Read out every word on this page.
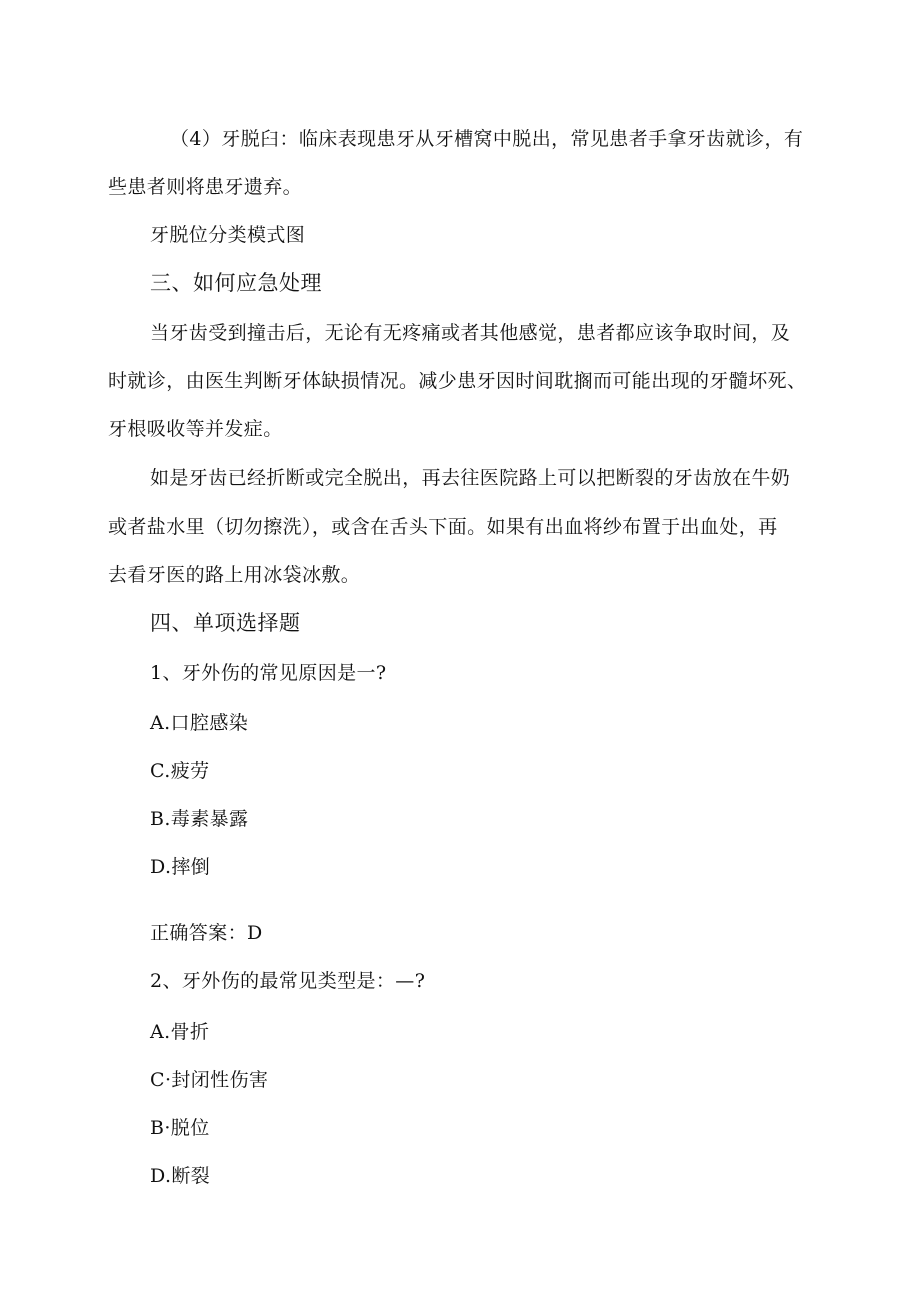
（4）牙脱臼：临床表现患牙从牙槽窝中脱出，常见患者手拿牙齿就诊，有
些患者则将患牙遗弃。
牙脱位分类模式图
三、如何应急处理
当牙齿受到撞击后，无论有无疼痛或者其他感觉，患者都应该争取时间，及
时就诊，由医生判断牙体缺损情况。减少患牙因时间耽搁而可能出现的牙髓坏死、
牙根吸收等并发症。
如是牙齿已经折断或完全脱出，再去往医院路上可以把断裂的牙齿放在牛奶
或者盐水里（切勿擦洗），或含在舌头下面。如果有出血将纱布置于出血处，再
去看牙医的路上用冰袋冰敷。
四、单项选择题
1、牙外伤的常见原因是一?
A.口腔感染
C.疲劳
B.毒素暴露
D.摔倒
正确答案：D
2、牙外伤的最常见类型是：—?
A.骨折
C·封闭性伤害
B·脱位
D.断裂
